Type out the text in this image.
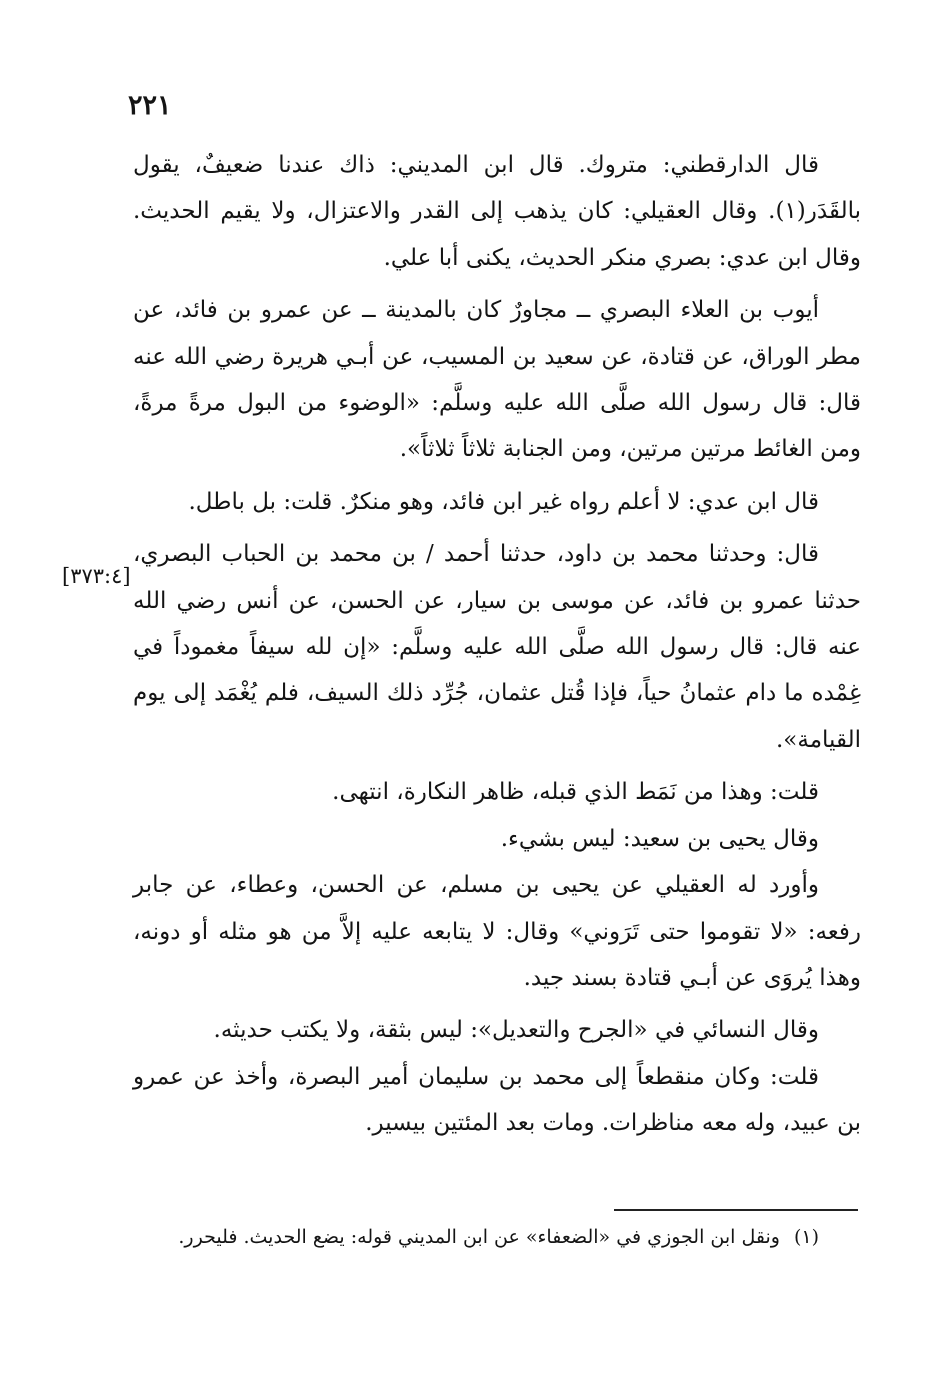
٢٢١
[٣٧٣:٤]

قال الدارقطني: متروك. قال ابن المديني: ذاك عندنا ضعيفٌ، يقول بالقَدَر(١). وقال العقيلي: كان يذهب إلى القدر والاعتزال، ولا يقيم الحديث. وقال ابن عدي: بصري منكر الحديث، يكنى أبا علي.

أيوب بن العلاء البصري ــ مجاورٌ كان بالمدينة ــ عن عمرو بن فائد، عن مطر الوراق، عن قتادة، عن سعيد بن المسيب، عن أبـي هريرة رضي الله عنه قال: قال رسول الله صلَّى الله عليه وسلَّم: «الوضوء من البول مرةً مرةً، ومن الغائط مرتين مرتين، ومن الجنابة ثلاثاً ثلاثاً».

قال ابن عدي: لا أعلم رواه غير ابن فائد، وهو منكرٌ. قلت: بل باطل.

قال: وحدثنا محمد بن داود، حدثنا أحمد / بن محمد بن الحباب البصري، حدثنا عمرو بن فائد، عن موسى بن سيار، عن الحسن، عن أنس رضي الله عنه قال: قال رسول الله صلَّى الله عليه وسلَّم: «إن لله سيفاً مغموداً في غِمْده ما دام عثمانُ حياً، فإذا قُتل عثمان، جُرِّد ذلك السيف، فلم يُغْمَد إلى يوم القيامة».

قلت: وهذا من نَمَط الذي قبله، ظاهر النكارة، انتهى.

وقال يحيى بن سعيد: ليس بشيء.

وأورد له العقيلي عن يحيى بن مسلم، عن الحسن، وعطاء، عن جابر رفعه: «لا تقوموا حتى تَرَوني» وقال: لا يتابعه عليه إلاَّ من هو مثله أو دونه، وهذا يُروَى عن أبـي قتادة بسند جيد.

وقال النسائي في «الجرح والتعديل»: ليس بثقة، ولا يكتب حديثه.

قلت: وكان منقطعاً إلى محمد بن سليمان أمير البصرة، وأخذ عن عمرو بن عبيد، وله معه مناظرات. ومات بعد المئتين بيسير.

(١)ونقل ابن الجوزي في «الضعفاء» عن ابن المديني قوله: يضع الحديث. فليحرر.
